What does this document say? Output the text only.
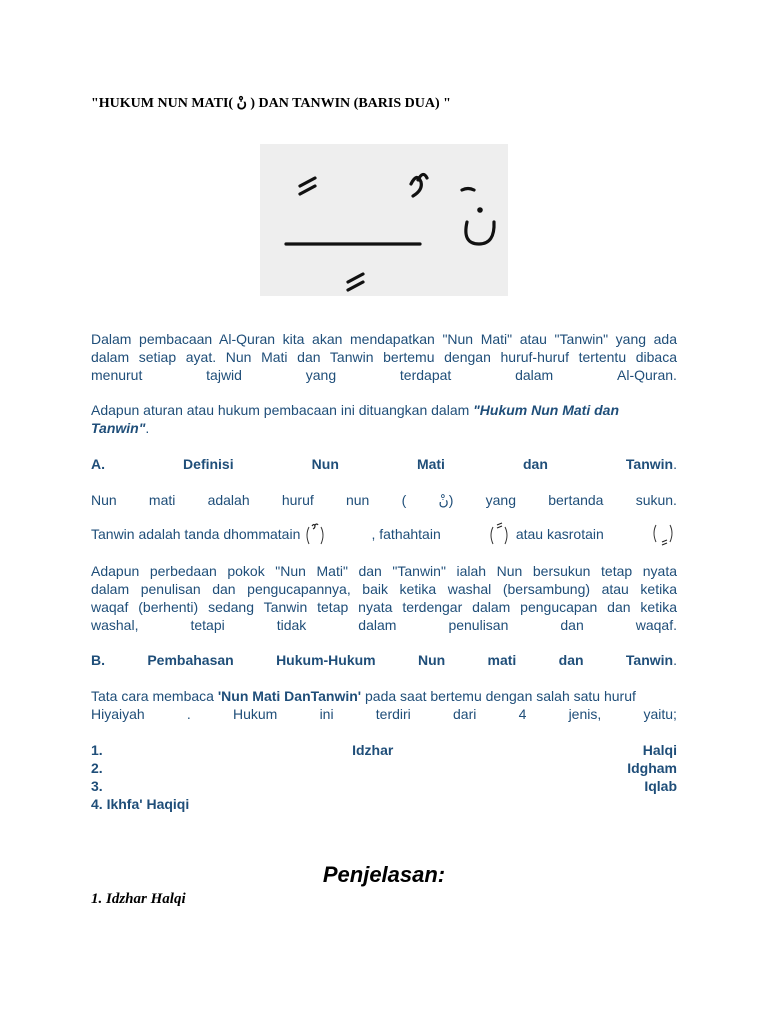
"HUKUM NUN MATI( نْ ) DAN TANWIN (BARIS DUA) "
Dalam pembacaan Al-Quran kita akan mendapatkan "Nun Mati" atau "Tanwin" yang ada
dalam setiap ayat. Nun Mati dan Tanwin bertemu dengan huruf-huruf tertentu dibaca
menurut	tajwid	yang	terdapat	dalam	Al-Quran.
Adapun aturan atau hukum pembacaan ini dituangkan dalam "Hukum Nun Mati dan
Tanwin".
A.	Definisi	Nun	Mati	dan	Tanwin.
Nun mati adalah huruf nun ( نْ) yang bertanda sukun.
Tanwin adalah tanda dhommatain	, fathahtain	atau kasrotain
Adapun perbedaan pokok "Nun Mati" dan "Tanwin" ialah Nun bersukun tetap nyata
dalam penulisan dan pengucapannya, baik ketika washal (bersambung) atau ketika
waqaf (berhenti) sedang Tanwin tetap nyata terdengar dalam pengucapan dan ketika
washal,	tetapi	tidak	dalam	penulisan	dan	waqaf.
B.	Pembahasan	Hukum-Hukum	Nun	mati	dan	Tanwin.
Tata cara membaca 'Nun Mati DanTanwin' pada saat bertemu dengan salah satu huruf
Hiyaiyah	.	Hukum	ini	terdiri	dari	4	jenis,	yaitu;
1.	Idzhar	Halqi
2.	Idgham
3.	Iqlab
4. Ikhfa' Haqiqi
Penjelasan:
1. Idzhar Halqi
